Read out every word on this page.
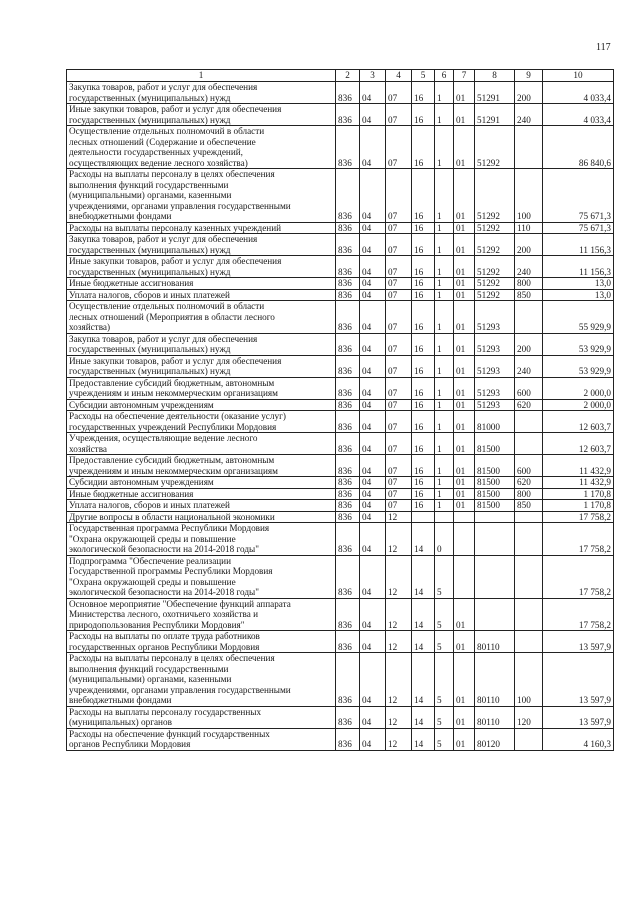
117
1	2	3	4	5	6	7	8	9	10

Закупка товаров, работ и услуг для обеспечения
государственных (муниципальных) нужд	836	04	07	16	1	01	51291	200	4 033,4

Иные закупки товаров, работ и услуг для обеспечения
государственных (муниципальных) нужд	836	04	07	16	1	01	51291	240	4 033,4

Осуществление отдельных полномочий в области
лесных отношений (Содержание и обеспечение
деятельности государственных учреждений,
осуществляющих ведение лесного хозяйства)	836	04	07	16	1	01	51292		86 840,6

Расходы на выплаты персоналу в целях обеспечения
выполнения функций государственными
(муниципальными) органами, казенными
учреждениями, органами управления государственными
внебюджетными фондами	836	04	07	16	1	01	51292	100	75 671,3

Расходы на выплаты персоналу казенных учреждений	836	04	07	16	1	01	51292	110	75 671,3

Закупка товаров, работ и услуг для обеспечения
государственных (муниципальных) нужд	836	04	07	16	1	01	51292	200	11 156,3

Иные закупки товаров, работ и услуг для обеспечения
государственных (муниципальных) нужд	836	04	07	16	1	01	51292	240	11 156,3

Иные бюджетные ассигнования	836	04	07	16	1	01	51292	800	13,0

Уплата налогов, сборов и иных платежей	836	04	07	16	1	01	51292	850	13,0

Осуществление отдельных полномочий в области
лесных отношений (Мероприятия в области лесного
хозяйства)	836	04	07	16	1	01	51293		55 929,9

Закупка товаров, работ и услуг для обеспечения
государственных (муниципальных) нужд	836	04	07	16	1	01	51293	200	53 929,9

Иные закупки товаров, работ и услуг для обеспечения
государственных (муниципальных) нужд	836	04	07	16	1	01	51293	240	53 929,9

Предоставление субсидий бюджетным, автономным
учреждениям и иным некоммерческим организациям	836	04	07	16	1	01	51293	600	2 000,0

Субсидии автономным учреждениям	836	04	07	16	1	01	51293	620	2 000,0

Расходы на обеспечение деятельности (оказание услуг)
государственных учреждений Республики Мордовия	836	04	07	16	1	01	81000		12 603,7

Учреждения, осуществляющие ведение лесного
хозяйства	836	04	07	16	1	01	81500		12 603,7

Предоставление субсидий бюджетным, автономным
учреждениям и иным некоммерческим организациям	836	04	07	16	1	01	81500	600	11 432,9

Субсидии автономным учреждениям	836	04	07	16	1	01	81500	620	11 432,9

Иные бюджетные ассигнования	836	04	07	16	1	01	81500	800	1 170,8

Уплата налогов, сборов и иных платежей	836	04	07	16	1	01	81500	850	1 170,8

Другие вопросы в области национальной экономики	836	04	12						17 758,2

Государственная программа Республики Мордовия
"Охрана окружающей среды и повышение
экологической безопасности на 2014-2018 годы"	836	04	12	14	0				17 758,2

Подпрограмма "Обеспечение реализации
Государственной программы Республики Мордовия
"Охрана окружающей среды и повышение
экологической безопасности на 2014-2018 годы"	836	04	12	14	5				17 758,2

Основное мероприятие "Обеспечение функций аппарата
Министерства лесного, охотничьего хозяйства и
природопользования Республики Мордовия"	836	04	12	14	5	01			17 758,2

Расходы на выплаты по оплате труда работников
государственных органов Республики Мордовия	836	04	12	14	5	01	80110		13 597,9

Расходы на выплаты персоналу в целях обеспечения
выполнения функций государственными
(муниципальными) органами, казенными
учреждениями, органами управления государственными
внебюджетными фондами	836	04	12	14	5	01	80110	100	13 597,9

Расходы на выплаты персоналу государственных
(муниципальных) органов	836	04	12	14	5	01	80110	120	13 597,9

Расходы на обеспечение функций государственных
органов Республики Мордовия	836	04	12	14	5	01	80120		4 160,3
